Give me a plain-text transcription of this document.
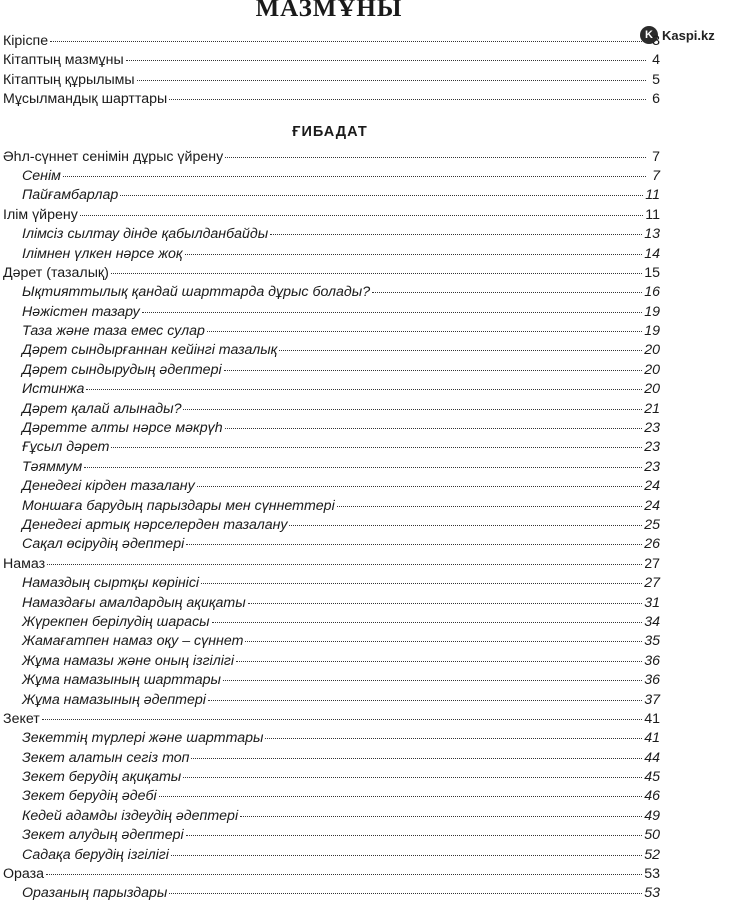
МАЗМҰНЫ
K Kaspi.kz
Кіріспе	3
Кітаптың мазмұны	4
Кітаптың құрылымы	5
Мұсылмандық шарттары	6
ҒИБАДАТ
Әһл-сүннет сенімін дұрыс үйрену	7
Сенім	7
Пайғамбарлар	11
Ілім үйрену	11
Ілімсіз сылтау дінде қабылданбайды	13
Ілімнен үлкен нәрсе жоқ	14
Дәрет (тазалық)	15
Ықтияттылық қандай шарттарда дұрыс болады?	16
Нәжістен тазару	19
Таза және таза емес сулар	19
Дәрет сындырғаннан кейінгі тазалық	20
Дәрет сындырудың әдептері	20
Истинжа	20
Дәрет қалай алынады?	21
Дәретте алты нәрсе мәкрүһ	23
Ғұсыл дәрет	23
Тәяммум	23
Денедегі кірден тазалану	24
Моншаға барудың парыздары мен сүннеттері	24
Денедегі артық нәрселерден тазалану	25
Сақал өсірудің әдептері	26
Намаз	27
Намаздың сыртқы көрінісі	27
Намаздағы амалдардың ақиқаты	31
Жүрекпен берілудің шарасы	34
Жамағатпен намаз оқу – сүннет	35
Жұма намазы және оның ізгілігі	36
Жұма намазының шарттары	36
Жұма намазының әдептері	37
Зекет	41
Зекеттің түрлері және шарттары	41
Зекет алатын сегіз топ	44
Зекет берудің ақиқаты	45
Зекет берудің әдебі	46
Кедей адамды іздеудің әдептері	49
Зекет алудың әдептері	50
Садақа берудің ізгілігі	52
Ораза	53
Оразаның парыздары	53
